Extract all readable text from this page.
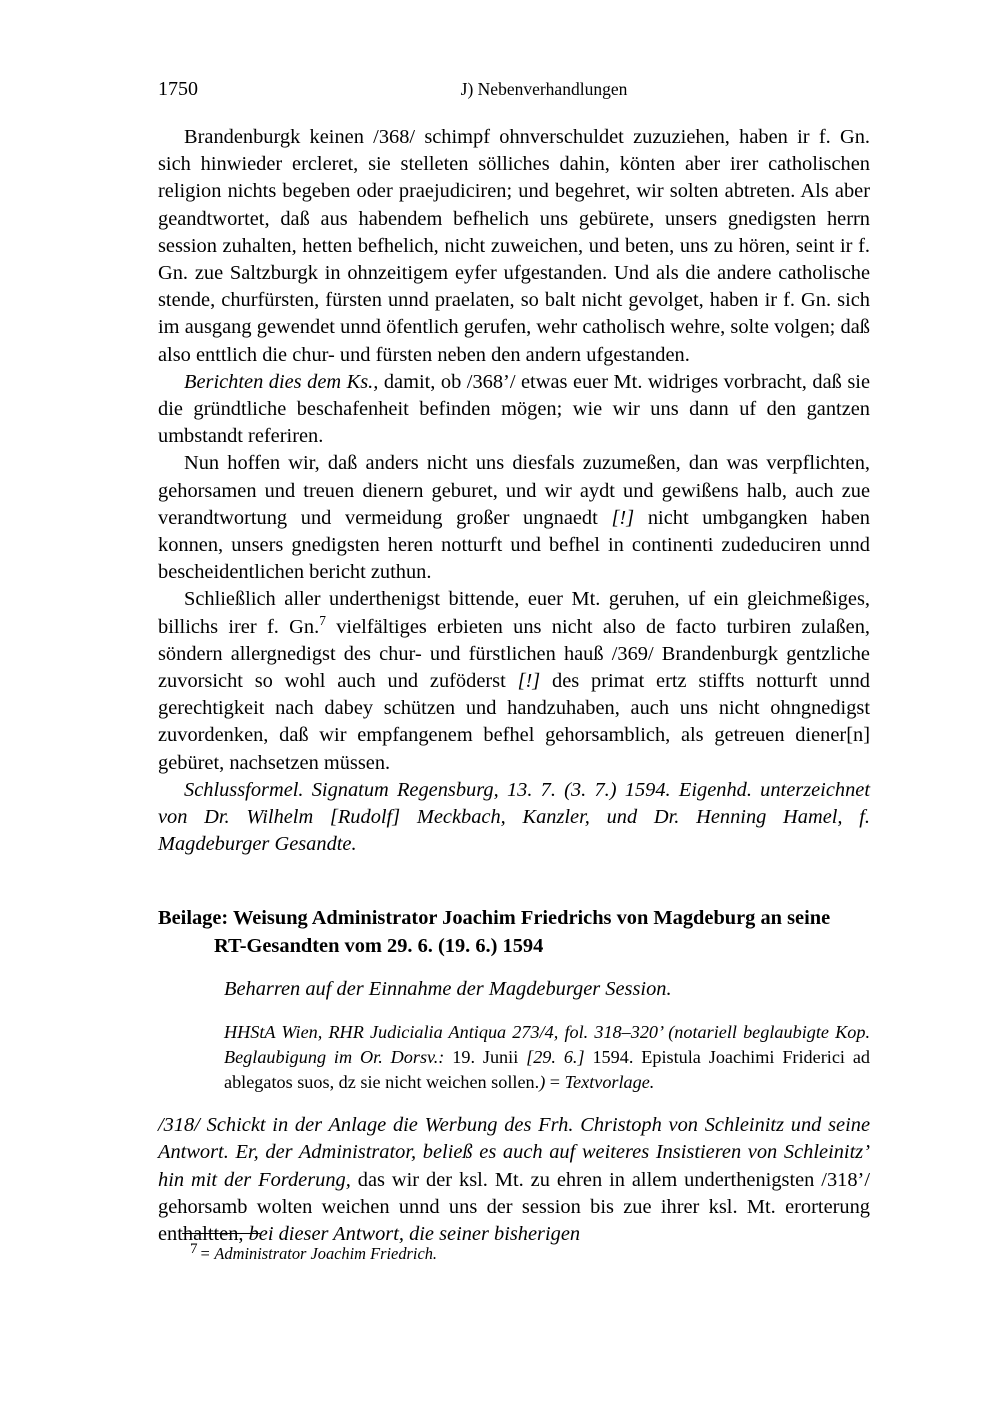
1750	J) Nebenverhandlungen

Brandenburgk keinen /368/ schimpf ohnverschuldet zuzuziehen, haben ir f. Gn. sich hinwieder ercleret, sie stelleten sölliches dahin, könten aber irer catholischen religion nichts begeben oder praejudiciren; und begehret, wir solten abtreten. Als aber geandtwortet, daß aus habendem befhelich uns gebürete, unsers gnedigsten herrn session zuhalten, hetten befhelich, nicht zuweichen, und beten, uns zu hören, seint ir f. Gn. zue Saltzburgk in ohnzeitigem eyfer ufgestanden. Und als die andere catholische stende, churfürsten, fürsten unnd praelaten, so balt nicht gevolget, haben ir f. Gn. sich im ausgang gewendet unnd öfentlich gerufen, wehr catholisch wehre, solte volgen; daß also enttlich die chur- und fürsten neben den andern ufgestanden.

Berichten dies dem Ks., damit, ob /368’/ etwas euer Mt. widriges vorbracht, daß sie die gründtliche beschafenheit befinden mögen; wie wir uns dann uf den gantzen umbstandt referiren.

Nun hoffen wir, daß anders nicht uns diesfals zuzumeßen, dan was verpflichten, gehorsamen und treuen dienern geburet, und wir aydt und gewißens halb, auch zue verandtwortung und vermeidung großer ungnaedt [!] nicht umbgangken haben konnen, unsers gnedigsten heren notturft und befhel in continenti zudeduciren unnd bescheidentlichen bericht zuthun.

Schließlich aller underthenigst bittende, euer Mt. geruhen, uf ein gleichmeßiges, billichs irer f. Gn.$^7$ vielfältiges erbieten uns nicht also de facto turbiren zulaßen, söndern allergnedigst des chur- und fürstlichen hauß /369/ Brandenburgk gentzliche zuvorsicht so wohl auch und zuföderst [!] des primat ertz stiffts notturft unnd gerechtigkeit nach dabey schützen und handzuhaben, auch uns nicht ohngnedigst zuvordenken, daß wir empfangenem befhel gehorsamblich, als getreuen diener[n] gebüret, nachsetzen müssen.

Schlussformel. Signatum Regensburg, 13. 7. (3. 7.) 1594. Eigenhd. unterzeichnet von Dr. Wilhelm [Rudolf] Meckbach, Kanzler, und Dr. Henning Hamel, f. Magdeburger Gesandte.

Beilage: Weisung Administrator Joachim Friedrichs von Magdeburg an seine
RT-Gesandten vom 29. 6. (19. 6.) 1594
Beharren auf der Einnahme der Magdeburger Session.
HHStA Wien, RHR Judicialia Antiqua 273/4, fol. 318–320’ (notariell beglaubigte Kop. Beglaubigung im Or. Dorsv.: 19. Junii [29. 6.] 1594. Epistula Joachimi Friderici ad ablegatos suos, dz sie nicht weichen sollen.) = Textvorlage.

/318/ Schickt in der Anlage die Werbung des Frh. Christoph von Schleinitz und seine Antwort. Er, der Administrator, beließ es auch auf weiteres Insistieren von Schleinitz’ hin mit der Forderung, das wir der ksl. Mt. zu ehren in allem underthenigsten /318’/ gehorsamb wolten weichen unnd uns der session bis zue ihrer ksl. Mt. erorterung enthaltten, bei dieser Antwort, die seiner bisherigen

7 = Administrator Joachim Friedrich.
